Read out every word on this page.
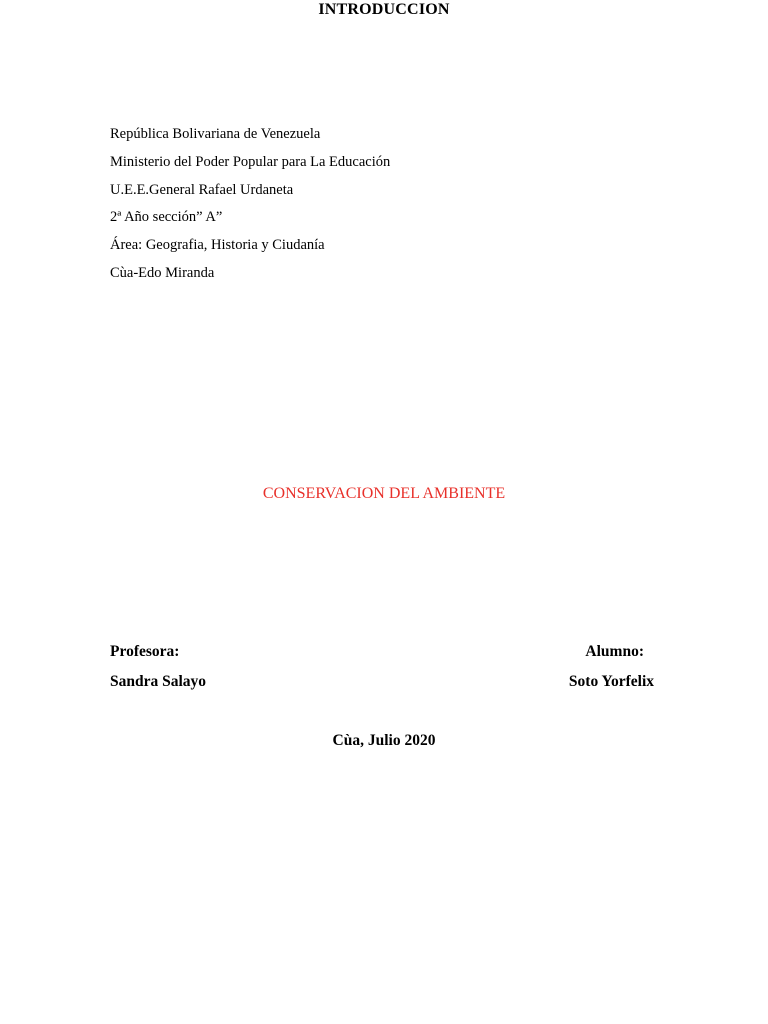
INTRODUCCION
República Bolivariana de Venezuela
Ministerio del Poder Popular para La Educación
U.E.E.General Rafael Urdaneta
2ª Año sección” A”
Área: Geografia, Historia y Ciudanía
Cùa-Edo Miranda
CONSERVACION DEL AMBIENTE
Profesora:
Sandra Salayo
Alumno:
Soto Yorfelix
Cùa, Julio 2020
